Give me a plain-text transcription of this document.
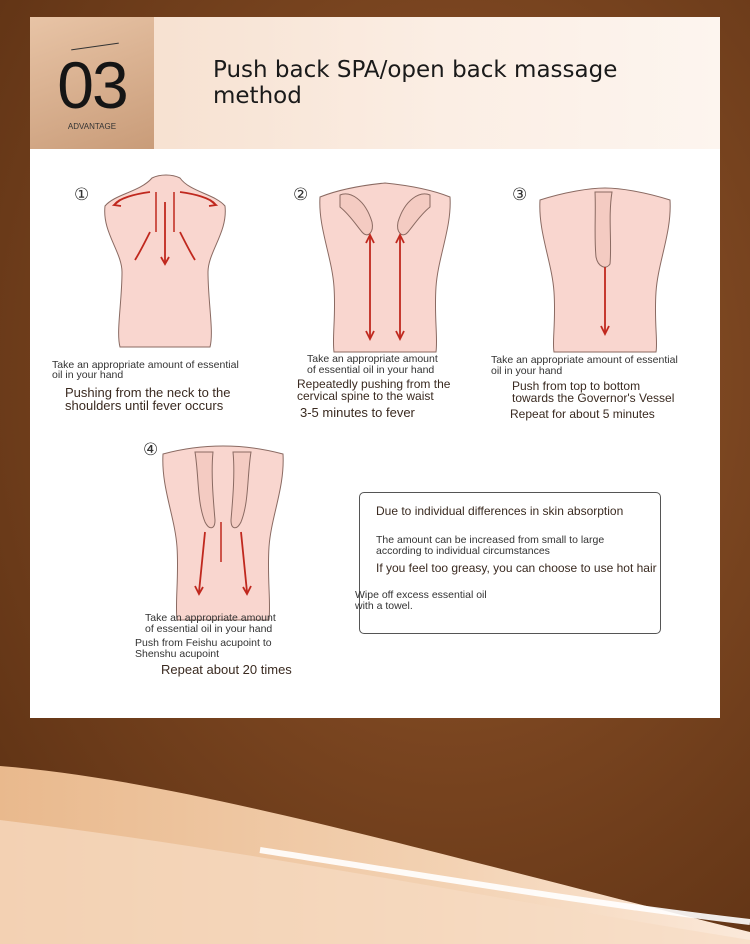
03
ADVANTAGE
Push back SPA/open back massage method
①	②	③
④
Take an appropriate amount of essential
oil in your hand
Pushing from the neck to the
shoulders until fever occurs
Take an appropriate amount
of essential oil in your hand
Repeatedly pushing from the
cervical spine to the waist
3-5 minutes to fever
Take an appropriate amount of essential
oil in your hand
Push from top to bottom
towards the Governor's Vessel
Repeat for about 5 minutes
Take an appropriate amount
of essential oil in your hand
Push from Feishu acupoint to
Shenshu acupoint
Repeat about 20 times
Due to individual differences in skin absorption
The amount can be increased from small to large
according to individual circumstances
If you feel too greasy, you can choose to use hot hair
Wipe off excess essential oil
with a towel.
